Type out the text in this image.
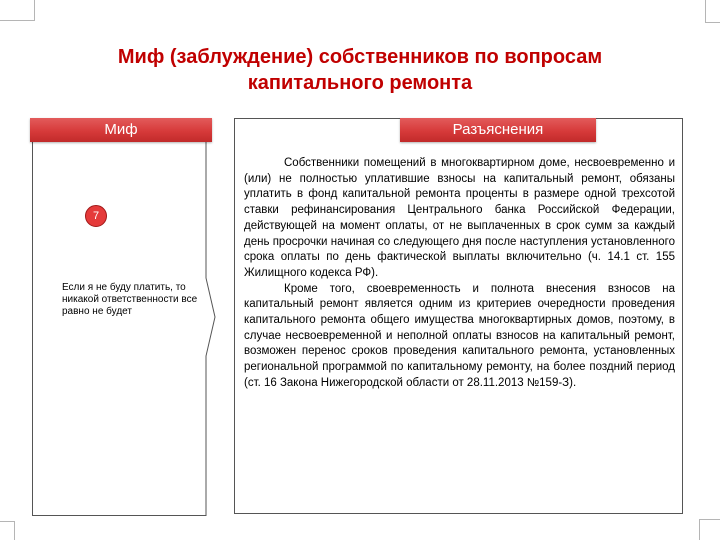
Миф (заблуждение) собственников по вопросам капитального ремонта
Миф
7
Если я не буду платить, то никакой ответственности все равно не будет
Разъяснения

Собственники помещений в многоквартирном доме, несвоевременно и (или) не полностью уплатившие взносы на капитальный ремонт, обязаны уплатить в фонд капитальной ремонта проценты в размере одной трехсотой ставки рефинансирования Центрального банка Российской Федерации, действующей на момент оплаты, от не выплаченных в срок сумм за каждый день просрочки начиная со следующего дня после наступления установленного срока оплаты по день фактической выплаты включительно (ч. 14.1 ст. 155 Жилищного кодекса РФ).

Кроме того, своевременность и полнота внесения взносов на капитальный ремонт является одним из критериев очередности проведения капитального ремонта общего имущества многоквартирных домов, поэтому, в случае несвоевременной и неполной оплаты взносов на капитальный ремонт, возможен перенос сроков проведения капитального ремонта, установленных региональной программой по капитальному ремонту, на более поздний период (ст. 16 Закона Нижегородской области от 28.11.2013 №159-З).
